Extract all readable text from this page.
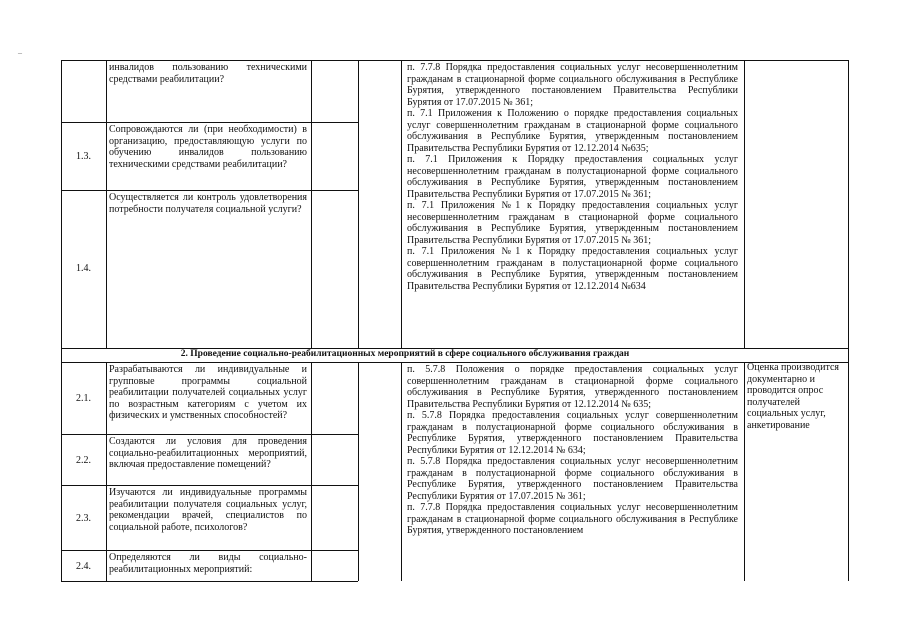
–

инвалидов пользованию техническими средствами реабилитации?

1.3.

Сопровождаются ли (при необходимости) в организацию, предоставляющую услуги по обучению инвалидов пользованию техническими средствами реабилитации?

1.4.

Осуществляется ли контроль удовлетворения потребности получателя социальной услуги?

п. 7.7.8 Порядка предоставления социальных услуг несовершеннолетним гражданам в стационарной форме социального обслуживания в Республике Бурятия, утвержденного постановлением Правительства Республики Бурятия от 17.07.2015 № 361;

п. 7.1 Приложения к Положению о порядке предоставления социальных услуг совершеннолетним гражданам в стационарной форме социального обслуживания в Республике Бурятия, утвержденным постановлением Правительства Республики Бурятия от 12.12.2014 №635;

п. 7.1 Приложения к Порядку предоставления социальных услуг несовершеннолетним гражданам в полустационарной форме социального обслуживания в Республике Бурятия, утвержденным постановлением Правительства Республики Бурятия от 17.07.2015 № 361;

п. 7.1 Приложения №1 к Порядку предоставления социальных услуг несовершеннолетним гражданам в стационарной форме социального обслуживания в Республике Бурятия, утвержденным постановлением Правительства Республики Бурятия от 17.07.2015 № 361;

п. 7.1 Приложения №1 к Порядку предоставления социальных услуг совершеннолетним гражданам в полустационарной форме социального обслуживания в Республике Бурятия, утвержденным постановлением Правительства Республики Бурятия от 12.12.2014 №634

2. Проведение социально-реабилитационных мероприятий в сфере социального обслуживания граждан
2.1.

Разрабатываются ли индивидуальные и групповые программы социальной реабилитации получателей социальных услуг по возрастным категориям с учетом их физических и умственных способностей?

2.2.

Создаются ли условия для проведения социально-реабилитационных мероприятий, включая предоставление помещений?

2.3.

Изучаются ли индивидуальные программы реабилитации получателя социальных услуг, рекомендации врачей, специалистов по социальной работе, психологов?

2.4.

Определяются ли виды социально-реабилитационных мероприятий:

п. 5.7.8 Положения о порядке предоставления социальных услуг совершеннолетним гражданам в стационарной форме социального обслуживания в Республике Бурятия, утвержденного постановлением Правительства Республики Бурятия от 12.12.2014 № 635;

п. 5.7.8 Порядка предоставления социальных услуг совершеннолетним гражданам в полустационарной форме социального обслуживания в Республике Бурятия, утвержденного постановлением Правительства Республики Бурятия от 12.12.2014 № 634;

п. 5.7.8 Порядка предоставления социальных услуг несовершеннолетним гражданам в полустационарной форме социального обслуживания в Республике Бурятия, утвержденного постановлением Правительства Республики Бурятия от 17.07.2015 № 361;

п. 7.7.8 Порядка предоставления социальных услуг несовершеннолетним гражданам в стационарной форме социального обслуживания в Республике Бурятия, утвержденного постановлением

Оценка производится документарно и проводится опрос получателей социальных услуг, анкетирование
